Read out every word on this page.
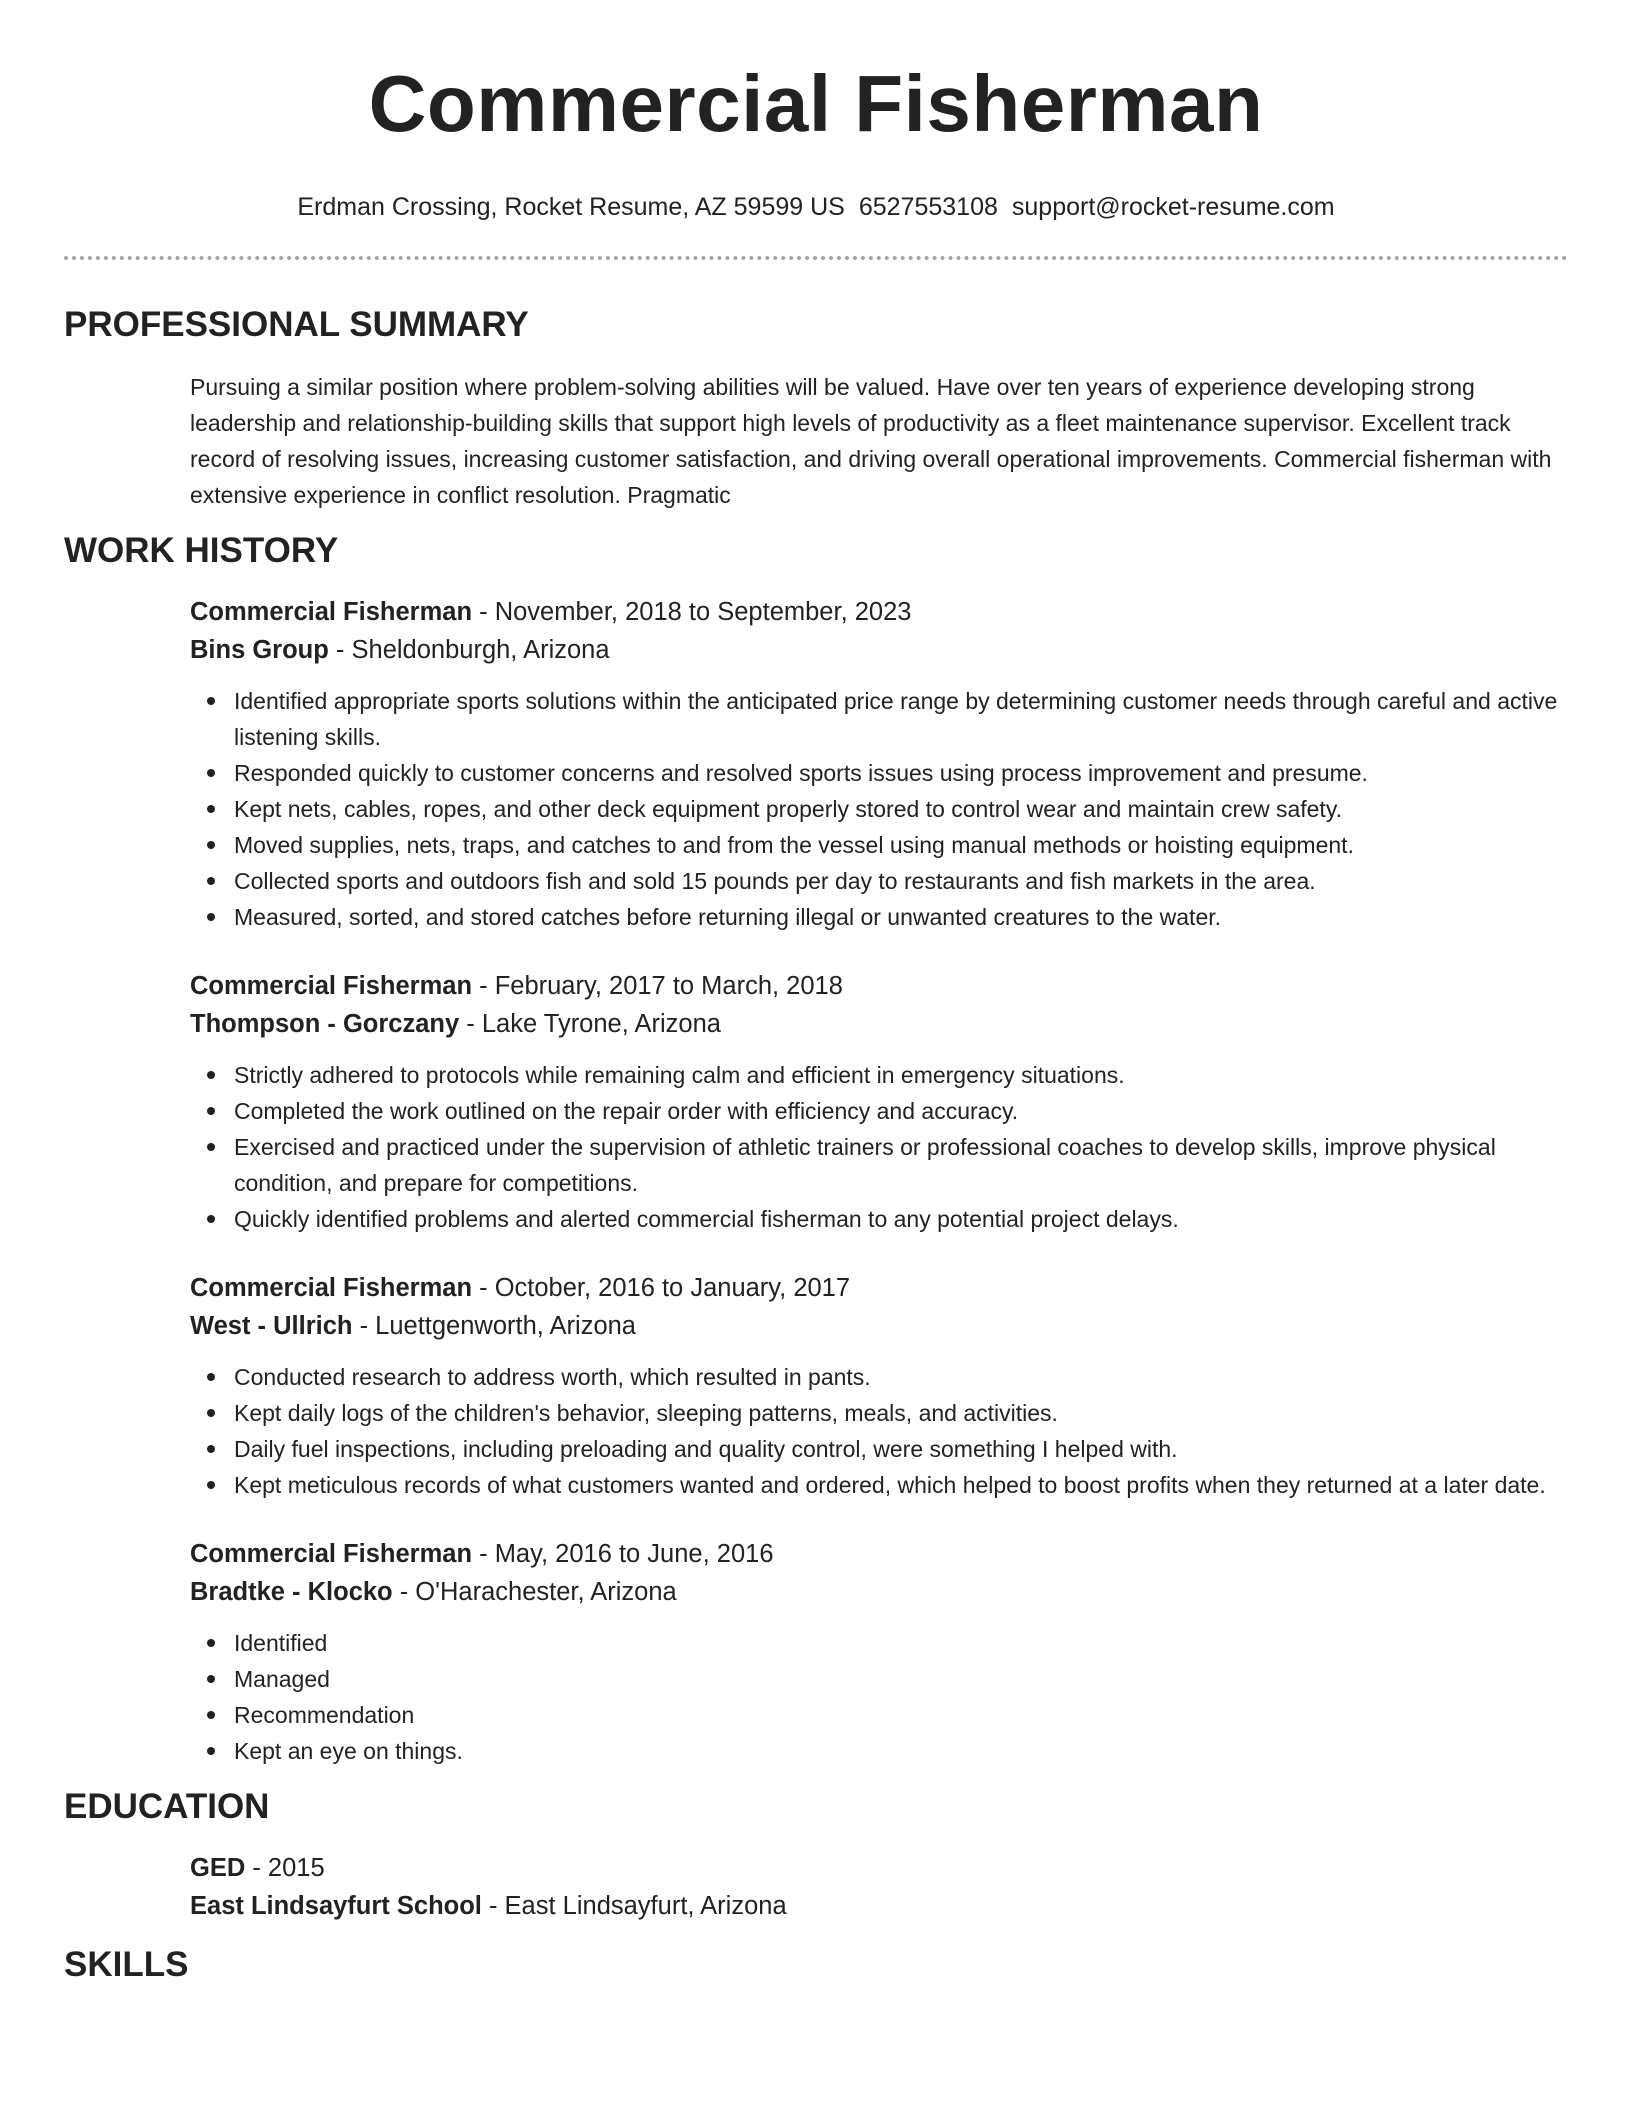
Commercial Fisherman
Erdman Crossing, Rocket Resume, AZ 59599 US 6527553108 support@rocket-resume.com
PROFESSIONAL SUMMARY

Pursuing a similar position where problem-solving abilities will be valued. Have over ten years of experience developing strong leadership and relationship-building skills that support high levels of productivity as a fleet maintenance supervisor. Excellent track record of resolving issues, increasing customer satisfaction, and driving overall operational improvements. Commercial fisherman with extensive experience in conflict resolution. Pragmatic

WORK HISTORY
Commercial Fisherman - November, 2018 to September, 2023
Bins Group - Sheldonburgh, Arizona
Identified appropriate sports solutions within the anticipated price range by determining customer needs through careful and active listening skills.
Responded quickly to customer concerns and resolved sports issues using process improvement and presume.
Kept nets, cables, ropes, and other deck equipment properly stored to control wear and maintain crew safety.
Moved supplies, nets, traps, and catches to and from the vessel using manual methods or hoisting equipment.
Collected sports and outdoors fish and sold 15 pounds per day to restaurants and fish markets in the area.
Measured, sorted, and stored catches before returning illegal or unwanted creatures to the water.
Commercial Fisherman - February, 2017 to March, 2018
Thompson - Gorczany - Lake Tyrone, Arizona
Strictly adhered to protocols while remaining calm and efficient in emergency situations.
Completed the work outlined on the repair order with efficiency and accuracy.
Exercised and practiced under the supervision of athletic trainers or professional coaches to develop skills, improve physical condition, and prepare for competitions.
Quickly identified problems and alerted commercial fisherman to any potential project delays.
Commercial Fisherman - October, 2016 to January, 2017
West - Ullrich - Luettgenworth, Arizona
Conducted research to address worth, which resulted in pants.
Kept daily logs of the children's behavior, sleeping patterns, meals, and activities.
Daily fuel inspections, including preloading and quality control, were something I helped with.
Kept meticulous records of what customers wanted and ordered, which helped to boost profits when they returned at a later date.
Commercial Fisherman - May, 2016 to June, 2016
Bradtke - Klocko - O'Harachester, Arizona
Identified
Managed
Recommendation
Kept an eye on things.
EDUCATION
GED - 2015
East Lindsayfurt School - East Lindsayfurt, Arizona
SKILLS
